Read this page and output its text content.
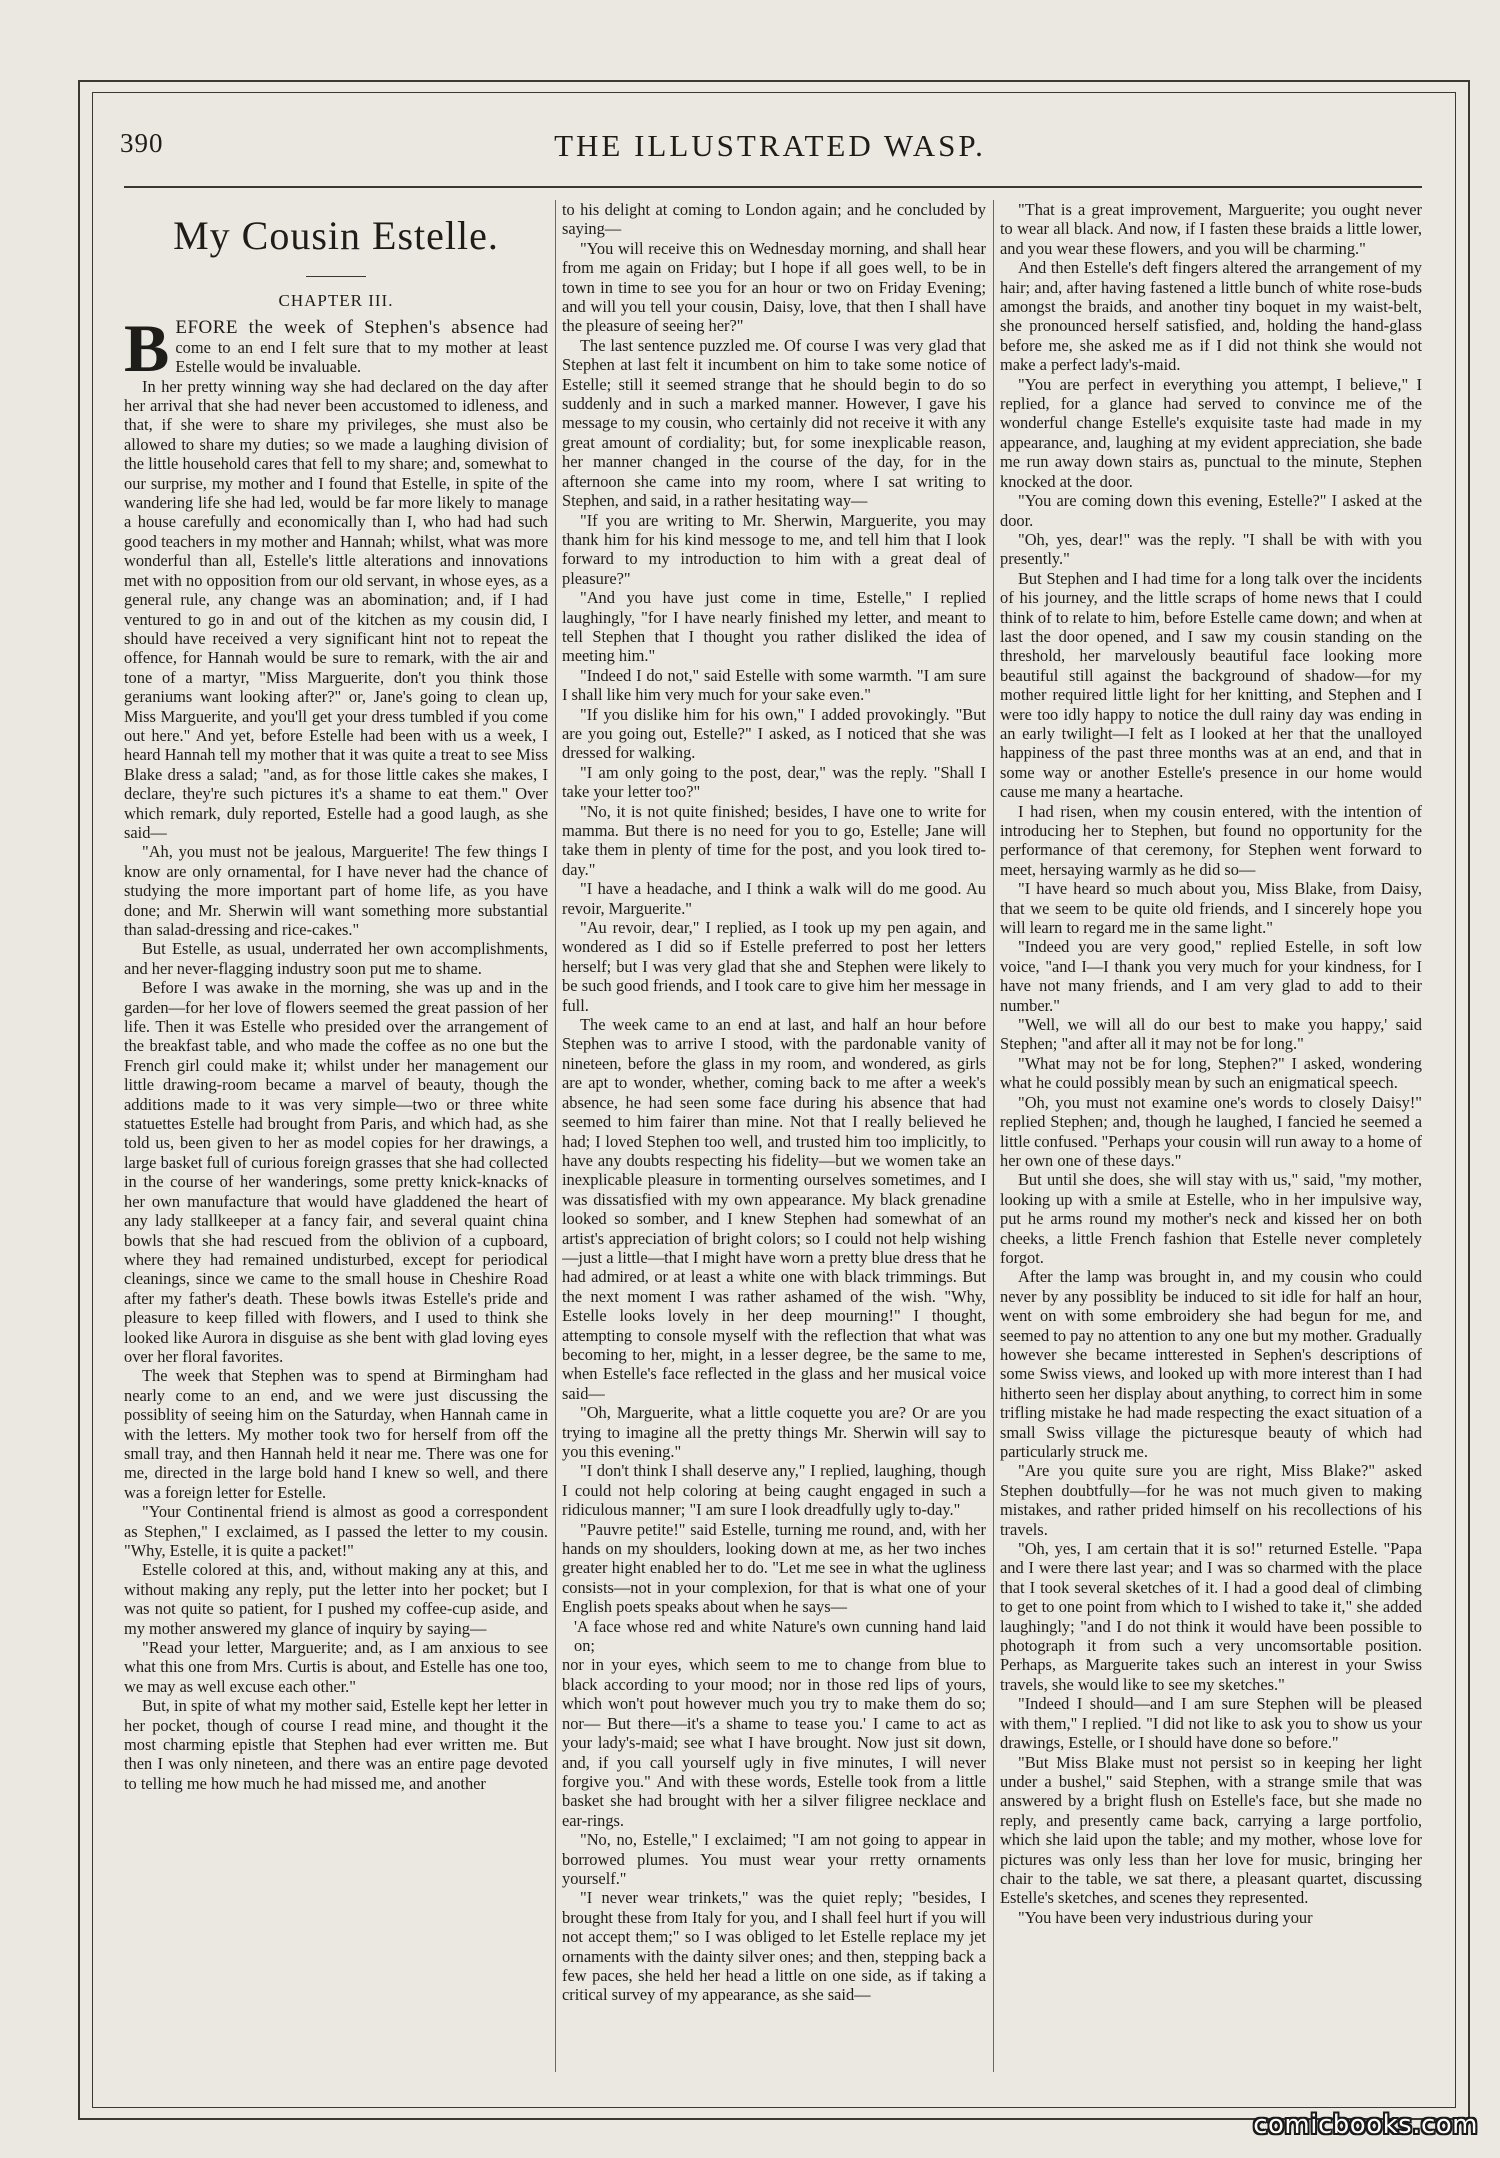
390	THE ILLUSTRATED WASP.
My Cousin Estelle.
CHAPTER III.

BEFORE the week of Stephen's absence had come to an end I felt sure that to my mother at least Estelle would be invaluable.

In her pretty winning way she had declared on the day after her arrival that she had never been accustomed to idleness, and that, if she were to share my privileges, she must also be allowed to share my duties; so we made a laughing division of the little household cares that fell to my share; and, somewhat to our surprise, my mother and I found that Estelle, in spite of the wandering life she had led, would be far more likely to manage a house carefully and economically than I, who had had such good teachers in my mother and Hannah; whilst, what was more wonderful than all, Estelle's little alterations and innovations met with no opposition from our old servant, in whose eyes, as a general rule, any change was an abomination; and, if I had ventured to go in and out of the kitchen as my cousin did, I should have received a very significant hint not to repeat the offence, for Hannah would be sure to remark, with the air and tone of a martyr, "Miss Marguerite, don't you think those geraniums want looking after?" or, Jane's going to clean up, Miss Marguerite, and you'll get your dress tumbled if you come out here." And yet, before Estelle had been with us a week, I heard Hannah tell my mother that it was quite a treat to see Miss Blake dress a salad; "and, as for those little cakes she makes, I declare, they're such pictures it's a shame to eat them." Over which remark, duly reported, Estelle had a good laugh, as she said—

"Ah, you must not be jealous, Marguerite! The few things I know are only ornamental, for I have never had the chance of studying the more important part of home life, as you have done; and Mr. Sherwin will want something more substantial than salad-dressing and rice-cakes."

But Estelle, as usual, underrated her own accomplishments, and her never-flagging industry soon put me to shame.

Before I was awake in the morning, she was up and in the garden—for her love of flowers seemed the great passion of her life. Then it was Estelle who presided over the arrangement of the breakfast table, and who made the coffee as no one but the French girl could make it; whilst under her management our little drawing-room became a marvel of beauty, though the additions made to it was very simple—two or three white statuettes Estelle had brought from Paris, and which had, as she told us, been given to her as model copies for her drawings, a large basket full of curious foreign grasses that she had collected in the course of her wanderings, some pretty knick-knacks of her own manufacture that would have gladdened the heart of any lady stallkeeper at a fancy fair, and several quaint china bowls that she had rescued from the oblivion of a cupboard, where they had remained undisturbed, except for periodical cleanings, since we came to the small house in Cheshire Road after my father's death. These bowls itwas Estelle's pride and pleasure to keep filled with flowers, and I used to think she looked like Aurora in disguise as she bent with glad loving eyes over her floral favorites.

The week that Stephen was to spend at Birmingham had nearly come to an end, and we were just discussing the possiblity of seeing him on the Saturday, when Hannah came in with the letters. My mother took two for herself from off the small tray, and then Hannah held it near me. There was one for me, directed in the large bold hand I knew so well, and there was a foreign letter for Estelle.

"Your Continental friend is almost as good a correspondent as Stephen," I exclaimed, as I passed the letter to my cousin. "Why, Estelle, it is quite a packet!"

Estelle colored at this, and, without making any at this, and without making any reply, put the letter into her pocket; but I was not quite so patient, for I pushed my coffee-cup aside, and my mother answered my glance of inquiry by saying—

"Read your letter, Marguerite; and, as I am anxious to see what this one from Mrs. Curtis is about, and Estelle has one too, we may as well excuse each other."

But, in spite of what my mother said, Estelle kept her letter in her pocket, though of course I read mine, and thought it the most charming epistle that Stephen had ever written me. But then I was only nineteen, and there was an entire page devoted to telling me how much he had missed me, and another

to his delight at coming to London again; and he concluded by saying—

"You will receive this on Wednesday morning, and shall hear from me again on Friday; but I hope if all goes well, to be in town in time to see you for an hour or two on Friday Evening; and will you tell your cousin, Daisy, love, that then I shall have the pleasure of seeing her?"

The last sentence puzzled me. Of course I was very glad that Stephen at last felt it incumbent on him to take some notice of Estelle; still it seemed strange that he should begin to do so suddenly and in such a marked manner. However, I gave his message to my cousin, who certainly did not receive it with any great amount of cordiality; but, for some inexplicable reason, her manner changed in the course of the day, for in the afternoon she came into my room, where I sat writing to Stephen, and said, in a rather hesitating way—

"If you are writing to Mr. Sherwin, Marguerite, you may thank him for his kind messoge to me, and tell him that I look forward to my introduction to him with a great deal of pleasure?"

"And you have just come in time, Estelle," I replied laughingly, "for I have nearly finished my letter, and meant to tell Stephen that I thought you rather disliked the idea of meeting him."

"Indeed I do not," said Estelle with some warmth. "I am sure I shall like him very much for your sake even."

"If you dislike him for his own," I added provokingly. "But are you going out, Estelle?" I asked, as I noticed that she was dressed for walking.

"I am only going to the post, dear," was the reply. "Shall I take your letter too?"

"No, it is not quite finished; besides, I have one to write for mamma. But there is no need for you to go, Estelle; Jane will take them in plenty of time for the post, and you look tired to-day."

"I have a headache, and I think a walk will do me good. Au revoir, Marguerite."

"Au revoir, dear," I replied, as I took up my pen again, and wondered as I did so if Estelle preferred to post her letters herself; but I was very glad that she and Stephen were likely to be such good friends, and I took care to give him her message in full.

The week came to an end at last, and half an hour before Stephen was to arrive I stood, with the pardonable vanity of nineteen, before the glass in my room, and wondered, as girls are apt to wonder, whether, coming back to me after a week's absence, he had seen some face during his absence that had seemed to him fairer than mine. Not that I really believed he had; I loved Stephen too well, and trusted him too implicitly, to have any doubts respecting his fidelity—but we women take an inexplicable pleasure in tormenting ourselves sometimes, and I was dissatisfied with my own appearance. My black grenadine looked so somber, and I knew Stephen had somewhat of an artist's appreciation of bright colors; so I could not help wishing—just a little—that I might have worn a pretty blue dress that he had admired, or at least a white one with black trimmings. But the next moment I was rather ashamed of the wish. "Why, Estelle looks lovely in her deep mourning!" I thought, attempting to console myself with the reflection that what was becoming to her, might, in a lesser degree, be the same to me, when Estelle's face reflected in the glass and her musical voice said—

"Oh, Marguerite, what a little coquette you are? Or are you trying to imagine all the pretty things Mr. Sherwin will say to you this evening."

"I don't think I shall deserve any," I replied, laughing, though I could not help coloring at being caught engaged in such a ridiculous manner; "I am sure I look dreadfully ugly to-day."

"Pauvre petite!" said Estelle, turning me round, and, with her hands on my shoulders, looking down at me, as her two inches greater hight enabled her to do. "Let me see in what the ugliness consists—not in your complexion, for that is what one of your English poets speaks about when he says—

'A face whose red and white Nature's own cunning hand laid on;

nor in your eyes, which seem to me to change from blue to black according to your mood; nor in those red lips of yours, which won't pout however much you try to make them do so; nor— But there—it's a shame to tease you.' I came to act as your lady's-maid; see what I have brought. Now just sit down, and, if you call yourself ugly in five minutes, I will never forgive you." And with these words, Estelle took from a little basket she had brought with her a silver filigree necklace and ear-rings.

"No, no, Estelle," I exclaimed; "I am not going to appear in borrowed plumes. You must wear your rretty ornaments yourself."

"I never wear trinkets," was the quiet reply; "besides, I brought these from Italy for you, and I shall feel hurt if you will not accept them;" so I was obliged to let Estelle replace my jet ornaments with the dainty silver ones; and then, stepping back a few paces, she held her head a little on one side, as if taking a critical survey of my appearance, as she said—

"That is a great improvement, Marguerite; you ought never to wear all black. And now, if I fasten these braids a little lower, and you wear these flowers, and you will be charming."

And then Estelle's deft fingers altered the arrangement of my hair; and, after having fastened a little bunch of white rose-buds amongst the braids, and another tiny boquet in my waist-belt, she pronounced herself satisfied, and, holding the hand-glass before me, she asked me as if I did not think she would not make a perfect lady's-maid.

"You are perfect in everything you attempt, I believe," I replied, for a glance had served to convince me of the wonderful change Estelle's exquisite taste had made in my appearance, and, laughing at my evident appreciation, she bade me run away down stairs as, punctual to the minute, Stephen knocked at the door.

"You are coming down this evening, Estelle?" I asked at the door.

"Oh, yes, dear!" was the reply. "I shall be with with you presently."

But Stephen and I had time for a long talk over the incidents of his journey, and the little scraps of home news that I could think of to relate to him, before Estelle came down; and when at last the door opened, and I saw my cousin standing on the threshold, her marvelously beautiful face looking more beautiful still against the background of shadow—for my mother required little light for her knitting, and Stephen and I were too idly happy to notice the dull rainy day was ending in an early twilight—I felt as I looked at her that the unalloyed happiness of the past three months was at an end, and that in some way or another Estelle's presence in our home would cause me many a heartache.

I had risen, when my cousin entered, with the intention of introducing her to Stephen, but found no opportunity for the performance of that ceremony, for Stephen went forward to meet, hersaying warmly as he did so—

"I have heard so much about you, Miss Blake, from Daisy, that we seem to be quite old friends, and I sincerely hope you will learn to regard me in the same light."

"Indeed you are very good," replied Estelle, in soft low voice, "and I—I thank you very much for your kindness, for I have not many friends, and I am very glad to add to their number."

"Well, we will all do our best to make you happy,' said Stephen; "and after all it may not be for long."

"What may not be for long, Stephen?" I asked, wondering what he could possibly mean by such an enigmatical speech.

"Oh, you must not examine one's words to closely Daisy!" replied Stephen; and, though he laughed, I fancied he seemed a little confused. "Perhaps your cousin will run away to a home of her own one of these days."

But until she does, she will stay with us," said, "my mother, looking up with a smile at Estelle, who in her impulsive way, put he arms round my mother's neck and kissed her on both cheeks, a little French fashion that Estelle never completely forgot.

After the lamp was brought in, and my cousin who could never by any possiblity be induced to sit idle for half an hour, went on with some embroidery she had begun for me, and seemed to pay no attention to any one but my mother. Gradually however she became intterested in Sephen's descriptions of some Swiss views, and looked up with more interest than I had hitherto seen her display about anything, to correct him in some trifling mistake he had made respecting the exact situation of a small Swiss village the picturesque beauty of which had particularly struck me.

"Are you quite sure you are right, Miss Blake?" asked Stephen doubtfully—for he was not much given to making mistakes, and rather prided himself on his recollections of his travels.

"Oh, yes, I am certain that it is so!" returned Estelle. "Papa and I were there last year; and I was so charmed with the place that I took several sketches of it. I had a good deal of climbing to get to one point from which to I wished to take it," she added laughingly; "and I do not think it would have been possible to photograph it from such a very uncomsortable position. Perhaps, as Marguerite takes such an interest in your Swiss travels, she would like to see my sketches."

"Indeed I should—and I am sure Stephen will be pleased with them," I replied. "I did not like to ask you to show us your drawings, Estelle, or I should have done so before."

"But Miss Blake must not persist so in keeping her light under a bushel," said Stephen, with a strange smile that was answered by a bright flush on Estelle's face, but she made no reply, and presently came back, carrying a large portfolio, which she laid upon the table; and my mother, whose love for pictures was only less than her love for music, bringing her chair to the table, we sat there, a pleasant quartet, discussing Estelle's sketches, and scenes they represented.

"You have been very industrious during your

comicbooks.com
